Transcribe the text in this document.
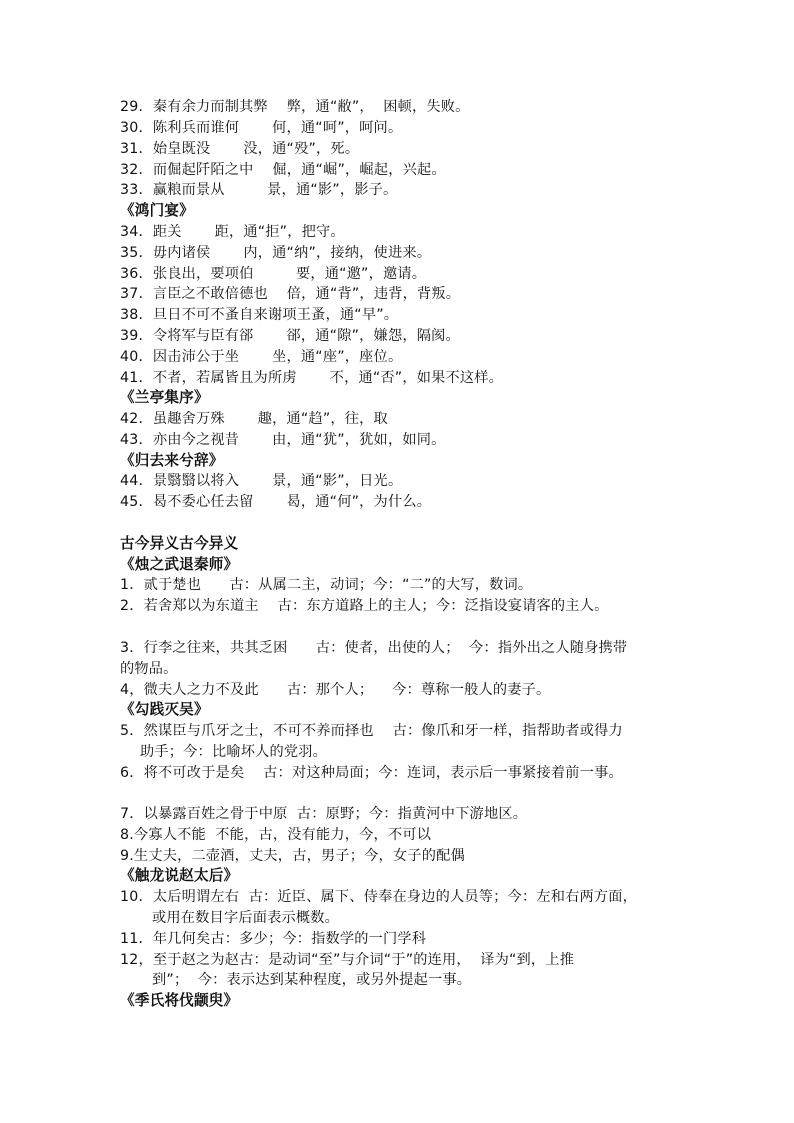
29．秦有余力而制其弊    弊，通“敝”，  困顿，失败。
30．陈利兵而谁何       何，通“呵”，呵问。
31．始皇既没       没，通“殁”，死。
32．而倔起阡陌之中    倔，通“崛”，崛起，兴起。
33．赢粮而景从         景，通“影”，影子。
《鸿门宴》
34．距关       距，通“拒”，把守。
35．毋内诸侯       内，通“纳”，接纳，使进来。
36．张良出，要项伯         要，通“邀”，邀请。
37．言臣之不敢倍德也    倍，通“背”，违背，背叛。
38．旦日不可不蚤自来谢项王蚤，通“早”。
39．令将军与臣有郤       郤，通“隙”，嫌怨，隔阂。
40．因击沛公于坐       坐，通“座”，座位。
41．不者，若属皆且为所虏       不，通“否”，如果不这样。
《兰亭集序》
42．虽趣舍万殊       趣，通“趋”，往，取
43．亦由今之视昔       由，通“犹”，犹如，如同。
《归去来兮辞》
44．景翳翳以将入       景，通“影”，日光。
45．曷不委心任去留       曷，通“何”，为什么。
古今异义古今异义
《烛之武退秦师》
1．贰于楚也      古：从属二主，动词；今：“二”的大写，数词。
2．若舍郑以为东道主    古：东方道路上的主人；今：泛指设宴请客的主人。
3．行李之往来，共其乏困      古：使者，出使的人；  今：指外出之人随身携带
的物品。
4，微夫人之力不及此      古：那个人；    今：尊称一般人的妻子。
《勾践灭吴》
5．然谋臣与爪牙之士，不可不养而择也    古：像爪和牙一样，指帮助者或得力
助手；今：比喻坏人的党羽。
6．将不可改于是矣    古：对这种局面；今：连词，表示后一事紧接着前一事。
7．以暴露百姓之骨于中原  古：原野；今：指黄河中下游地区。
8.今寡人不能  不能，古，没有能力，今，不可以
9.生丈夫，二壶酒，丈夫，古，男子；今，女子的配偶
《触龙说赵太后》
10．太后明谓左右  古：近臣、属下、侍奉在身边的人员等；今：左和右两方面，
或用在数目字后面表示概数。
11．年几何矣古：多少；今：指数学的一门学科
12，至于赵之为赵古：是动词“至”与介词“于”的连用，  译为“到，上推
到”；  今：表示达到某种程度，或另外提起一事。
《季氏将伐颛臾》
